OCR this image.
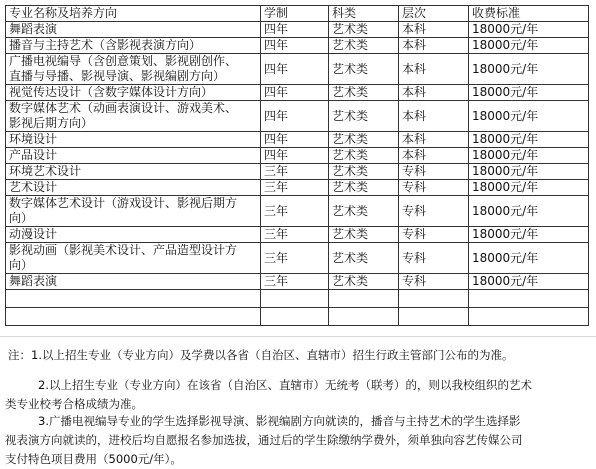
专业名称及培养方向	学制	科类	层次	收费标准

舞蹈表演	四年	艺术类	本科	18000元/年

播音与主持艺术（含影视表演方向）	四年	艺术类	本科	18000元/年

广播电视编导（含创意策划、影视剧创作、
直播与导播、影视导演、影视编剧方向）	四年	艺术类	本科	18000元/年

视觉传达设计（含数字媒体设计方向）	四年	艺术类	本科	18000元/年

数字媒体艺术（动画表演设计、游戏美术、
影视后期方向）	四年	艺术类	本科	18000元/年

环境设计	四年	艺术类	本科	18000元/年

产品设计	四年	艺术类	本科	18000元/年

环境艺术设计	三年	艺术类	专科	18000元/年

艺术设计	三年	艺术类	专科	18000元/年

数字媒体艺术设计（游戏设计、影视后期方
向）	三年	艺术类	专科	18000元/年

动漫设计	三年	艺术类	专科	18000元/年

影视动画（影视美术设计、产品造型设计方
向）	三年	艺术类	专科	18000元/年

舞蹈表演	三年	艺术类	专科	18000元/年

注：1.以上招生专业（专业方向）及学费以各省（自治区、直辖市）招生行政主管部门公布的为准。
2.以上招生专业（专业方向）在该省（自治区、直辖市）无统考（联考）的，则以我校组织的艺术
类专业校考合格成绩为准。
3.广播电视编导专业的学生选择影视导演、影视编剧方向就读的，播音与主持艺术的学生选择影
视表演方向就读的，进校后均自愿报名参加选拔，通过后的学生除缴纳学费外，须单独向容艺传媒公司
支付特色项目费用（5000元/年）。
